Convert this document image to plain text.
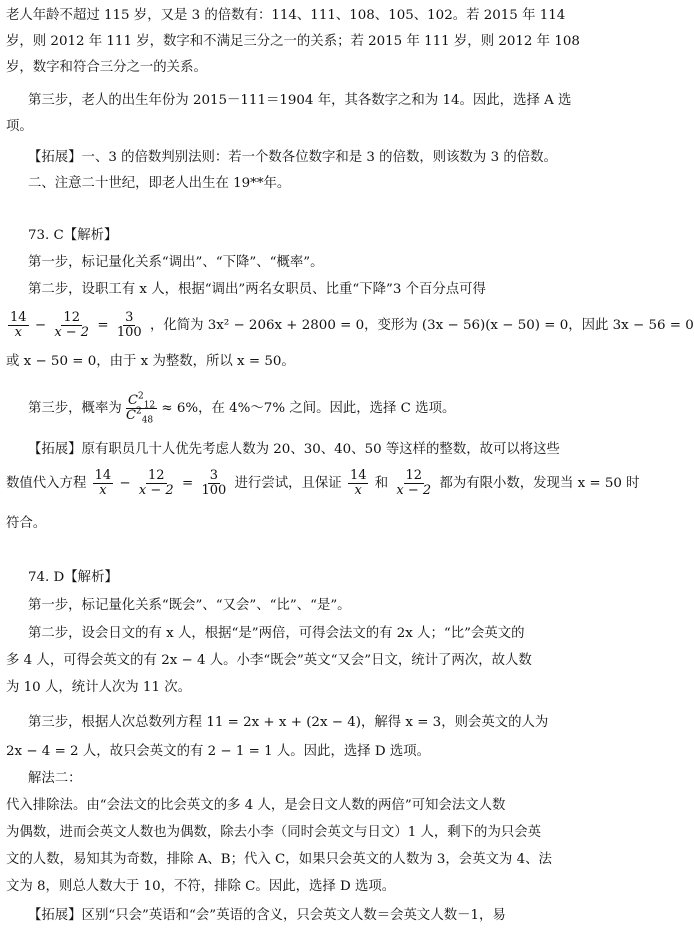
老人年龄不超过 115 岁，又是 3 的倍数有：114、111、108、105、102。若 2015 年 114
岁，则 2012 年 111 岁，数字和不满足三分之一的关系；若 2015 年 111 岁，则 2012 年 108
岁，数字和符合三分之一的关系。
第三步，老人的出生年份为 2015－111＝1904 年，其各数字之和为 14。因此，选择 A 选
项。
【拓展】一、3 的倍数判别法则：若一个数各位数字和是 3 的倍数，则该数为 3 的倍数。
二、注意二十世纪，即老人出生在 19**年。
73. C【解析】
第一步，标记量化关系“调出”、“下降”、“概率”。
第二步，设职工有 x 人，根据“调出”两名女职员、比重“下降”3 个百分点可得
$\frac{14}{x} - \frac{12}{x - 2} = \frac{3}{100}$ ，化简为 3x² − 206x + 2800 = 0，变形为 (3x − 56)(x − 50) = 0，因此 3x − 56 = 0
或 x − 50 = 0，由于 x 为整数，所以 x = 50。
第三步，概率为 $\frac{C^2_{12}}{C^2_{48}} \approx 6\%$，在 4%～7% 之间。因此，选择 C 选项。
【拓展】原有职员几十人优先考虑人数为 20、30、40、50 等这样的整数，故可以将这些
数值代入方程 $\frac{14}{x} - \frac{12}{x - 2} = \frac{3}{100}$ 进行尝试，且保证 $\frac{14}{x}$ 和 $\frac{12}{x - 2}$ 都为有限小数，发现当 x = 50 时
符合。
74. D【解析】
第一步，标记量化关系“既会”、“又会”、“比”、“是”。
第二步，设会日文的有 x 人，根据“是”两倍，可得会法文的有 2x 人；“比”会英文的
多 4 人，可得会英文的有 2x − 4 人。小李“既会”英文“又会”日文，统计了两次，故人数
为 10 人，统计人次为 11 次。
第三步，根据人次总数列方程 11 = 2x + x + (2x − 4)，解得 x = 3，则会英文的人为
2x − 4 = 2 人，故只会英文的有 2 − 1 = 1 人。因此，选择 D 选项。
解法二：
代入排除法。由“会法文的比会英文的多 4 人，是会日文人数的两倍”可知会法文人数
为偶数，进而会英文人数也为偶数，除去小李（同时会英文与日文）1 人，剩下的为只会英
文的人数，易知其为奇数，排除 A、B；代入 C，如果只会英文的人数为 3，会英文为 4、法
文为 8，则总人数大于 10，不符，排除 C。因此，选择 D 选项。
【拓展】区别“只会”英语和“会”英语的含义，只会英文人数＝会英文人数－1，易
